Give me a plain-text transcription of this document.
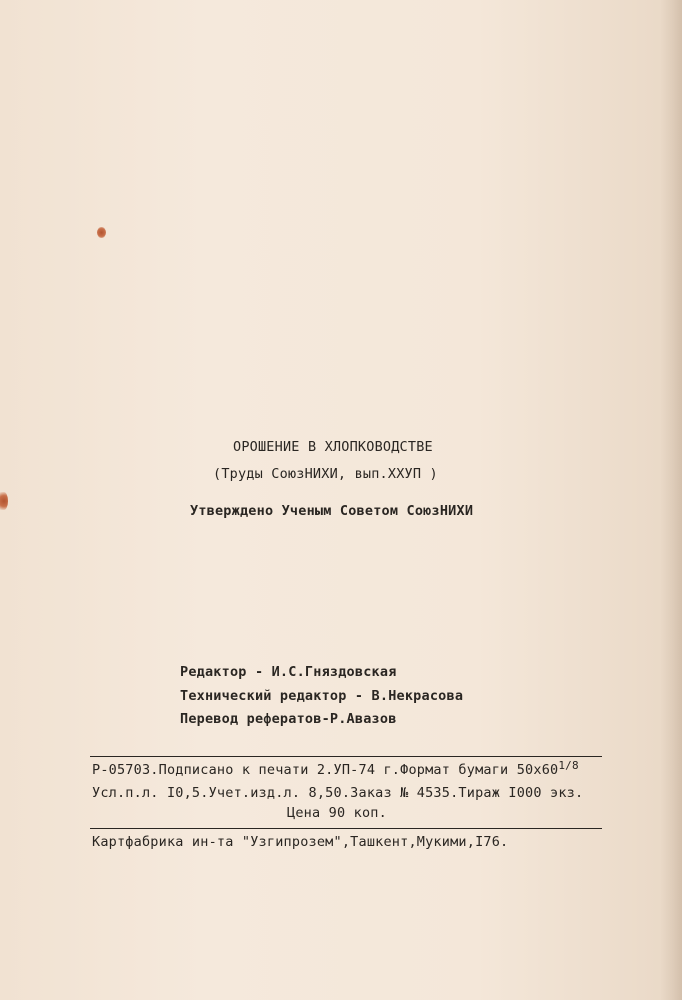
ОРОШЕНИЕ В ХЛОПКОВОДСТВЕ
(Труды СоюзНИХИ, вып.XXУП )
Утверждено Ученым Советом СоюзНИХИ
Редактор - И.С.Гняздовская
Технический редактор - В.Некрасова
Перевод рефератов-Р.Авазов
Р-05703.Подписано к печати 2.УП-74 г.Формат бумаги $50х60^{1/8}$
Усл.п.л. I0,5.Учет.изд.л. 8,50.Заказ № 4535.Тираж I000 экз.
Цена 90 коп.
Картфабрика ин-та "Узгипрозем",Ташкент,Мукими,I76.
